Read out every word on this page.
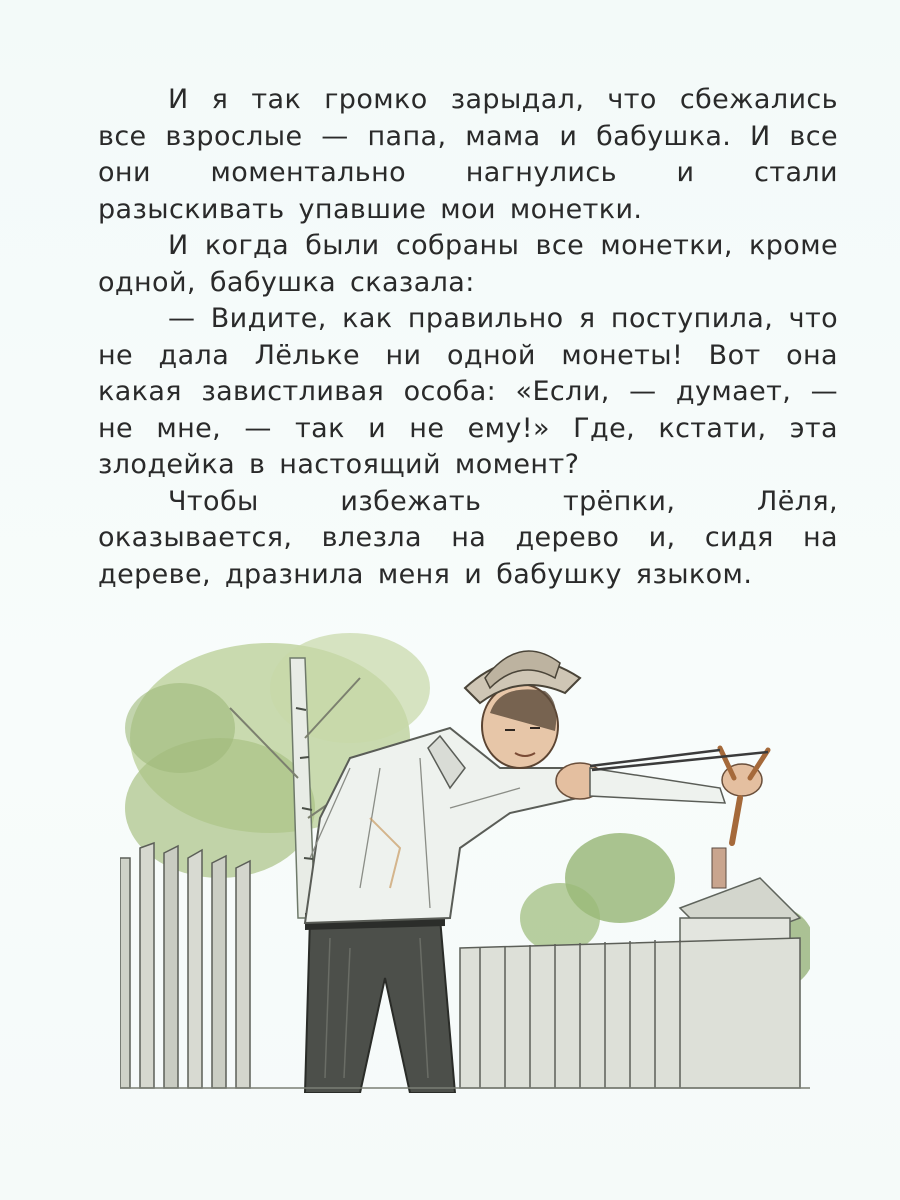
И я так громко зарыдал, что сбежались все взрослые — папа, мама и бабушка. И все они моментально нагнулись и стали разыскивать упавшие мои монетки.

И когда были собраны все монетки, кроме одной, бабушка сказала:

— Видите, как правильно я поступила, что не дала Лёльке ни одной монеты! Вот она какая завистливая особа: «Если, — думает, — не мне, — так и не ему!» Где, кстати, эта злодейка в настоящий момент?

Чтобы избежать трёпки, Лёля, оказывается, влезла на дерево и, сидя на дереве, дразнила меня и бабушку языком.
